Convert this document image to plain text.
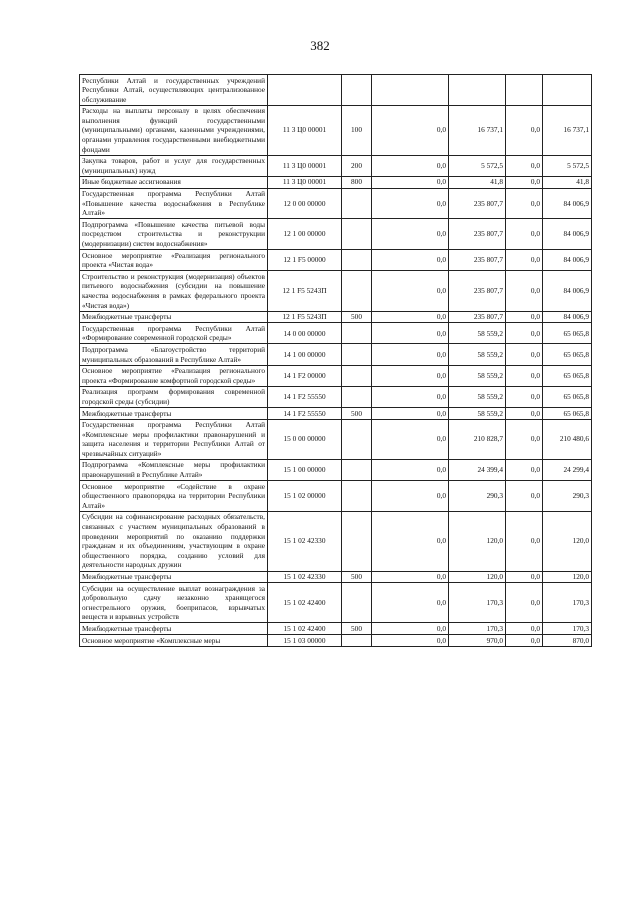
382
Республики Алтай и государственных учреждений Республики Алтай, осуществляющих централизованное обслуживание						
Расходы на выплаты персоналу в целях обеспечения выполнения функций государственными (муниципальными) органами, казенными учреждениями, органами управления государственными внебюджетными фондами	11 3 Ц0 00001	100	0,0	16 737,1	0,0	16 737,1
Закупка товаров, работ и услуг для государственных (муниципальных) нужд	11 3 Ц0 00001	200	0,0	5 572,5	0,0	5 572,5
Иные бюджетные ассигнования	11 3 Ц0 00001	800	0,0	41,8	0,0	41,8
Государственная программа Республики Алтай «Повышение качества водоснабжения в Республике Алтай»	12 0 00 00000		0,0	235 807,7	0,0	84 006,9
Подпрограмма «Повышение качества питьевой воды посредством строительства и реконструкции (модернизации) систем водоснабжения»	12 1 00 00000		0,0	235 807,7	0,0	84 006,9
Основное мероприятие «Реализация регионального проекта «Чистая вода»	12 1 F5 00000		0,0	235 807,7	0,0	84 006,9
Строительство и реконструкция (модернизация) объектов питьевого водоснабжения (субсидии на повышение качества водоснабжения в рамках федерального проекта «Чистая вода»)	12 1 F5 5243П		0,0	235 807,7	0,0	84 006,9
Межбюджетные трансферты	12 1 F5 5243П	500	0,0	235 807,7	0,0	84 006,9
Государственная программа Республики Алтай «Формирование современной городской среды»	14 0 00 00000		0,0	58 559,2	0,0	65 065,8
Подпрограмма «Благоустройство территорий муниципальных образований в Республике Алтай»	14 1 00 00000		0,0	58 559,2	0,0	65 065,8
Основное мероприятие «Реализация регионального проекта «Формирование комфортной городской среды»	14 1 F2 00000		0,0	58 559,2	0,0	65 065,8
Реализация программ формирования современной городской среды (субсидии)	14 1 F2 55550		0,0	58 559,2	0,0	65 065,8
Межбюджетные трансферты	14 1 F2 55550	500	0,0	58 559,2	0,0	65 065,8
Государственная программа Республики Алтай «Комплексные меры профилактики правонарушений и защита населения и территории Республики Алтай от чрезвычайных ситуаций»	15 0 00 00000		0,0	210 828,7	0,0	210 480,6
Подпрограмма «Комплексные меры профилактики правонарушений в Республике Алтай»	15 1 00 00000		0,0	24 399,4	0,0	24 299,4
Основное мероприятие «Содействие в охране общественного правопорядка на территории Республики Алтай»	15 1 02 00000		0,0	290,3	0,0	290,3
Субсидии на софинансирование расходных обязательств, связанных с участием муниципальных образований в проведении мероприятий по оказанию поддержки гражданам и их объединениям, участвующим в охране общественного порядка, созданию условий для деятельности народных дружин	15 1 02 42330		0,0	120,0	0,0	120,0
Межбюджетные трансферты	15 1 02 42330	500	0,0	120,0	0,0	120,0
Субсидии на осуществление выплат вознаграждения за добровольную сдачу незаконно хранящегося огнестрельного оружия, боеприпасов, взрывчатых веществ и взрывных устройств	15 1 02 42400		0,0	170,3	0,0	170,3
Межбюджетные трансферты	15 1 02 42400	500	0,0	170,3	0,0	170,3
Основное мероприятие «Комплексные меры	15 1 03 00000		0,0	970,0	0,0	870,0
